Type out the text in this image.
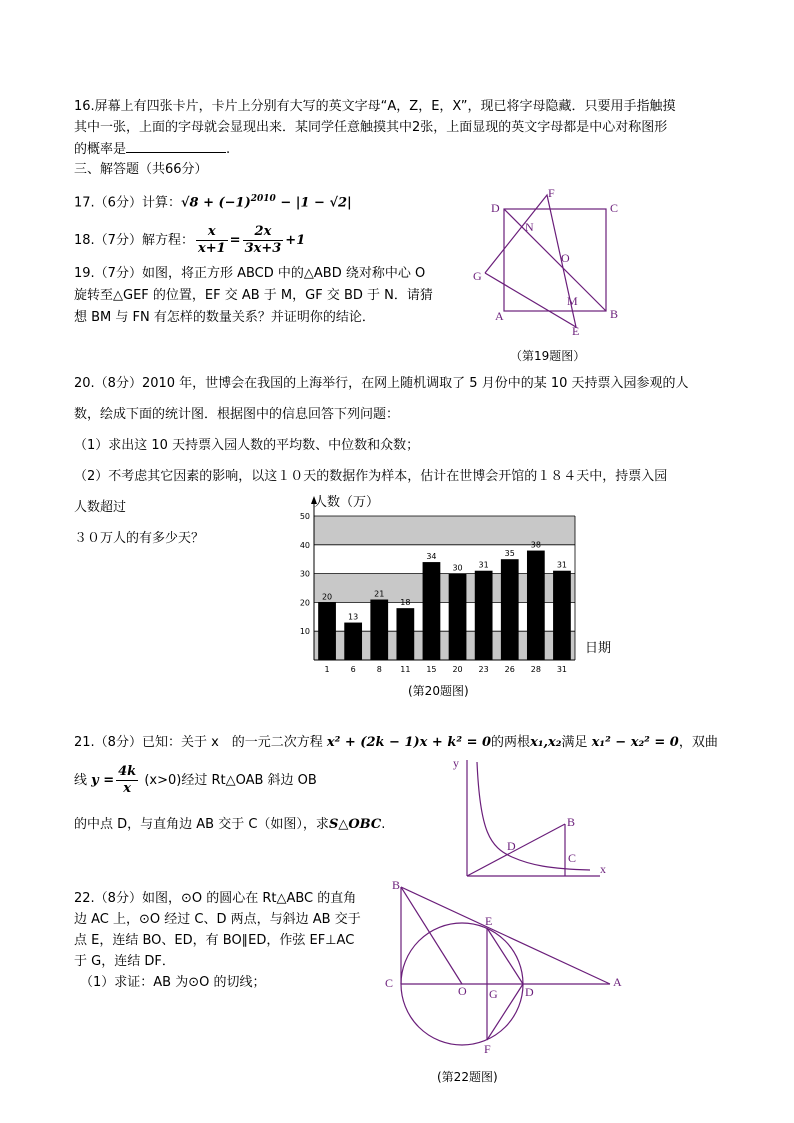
16.屏幕上有四张卡片，卡片上分别有大写的英文字母“A，Z，E，X”，现已将字母隐藏．只要用手指触摸
其中一张，上面的字母就会显现出来．某同学任意触摸其中2张，上面显现的英文字母都是中心对称图形
的概率是	.
三、解答题（共66分）
17.（6分）计算：$√8 + (-1)^{2010} - |1 - √2|$
18.（7分）解方程： $\frac{x}{x+1} = \frac{2x}{3x+3} +1$
19.（7分）如图，将正方形 ABCD 中的△ABD 绕对称中心 O
旋转至△GEF 的位置，EF 交 AB 于 M，GF 交 BD 于 N．请猜
想 BM 与 FN 有怎样的数量关系？并证明你的结论．
D	C
F
N
O
G
M
A	B
E
（第19题图）
20.（8分）2010 年，世博会在我国的上海举行，在网上随机调取了 5 月份中的某 10 天持票入园参观的人
数，绘成下面的统计图．根据图中的信息回答下列问题：
（1）求出这 10 天持票入园人数的平均数、中位数和众数；
（2）不考虑其它因素的影响，以这１０天的数据作为样本，估计在世博会开馆的１８４天中，持票入园
人数超过
３０万人的有多少天？
10
20
30
40
50
20
1
13
6
21
8
18
11
34
15
30
20
31
23
35
26
38
28
31
31
人数（万）
日期
(第20题图)
21.（8分）已知：关于 x　的一元二次方程 x² + (2k − 1)x + k² = 0的两根x₁,x₂满足 x₁² − x₂² = 0，双曲
线 $y = \frac{4k}{x} (x>0)$经过 Rt△OAB 斜边 OB
的中点 D，与直角边 AB 交于 C（如图），求S△OBC.
y
x
B
D
C
22.（8分）如图，⊙O 的圆心在 Rt△ABC 的直角
边 AC 上，⊙O 经过 C、D 两点，与斜边 AB 交于
点 E，连结 BO、ED，有 BO∥ED，作弦 EF⊥AC
于 G，连结 DF．
（1）求证：AB 为⊙O 的切线；
B
E
C
O G D
A
F
(第22题图)
